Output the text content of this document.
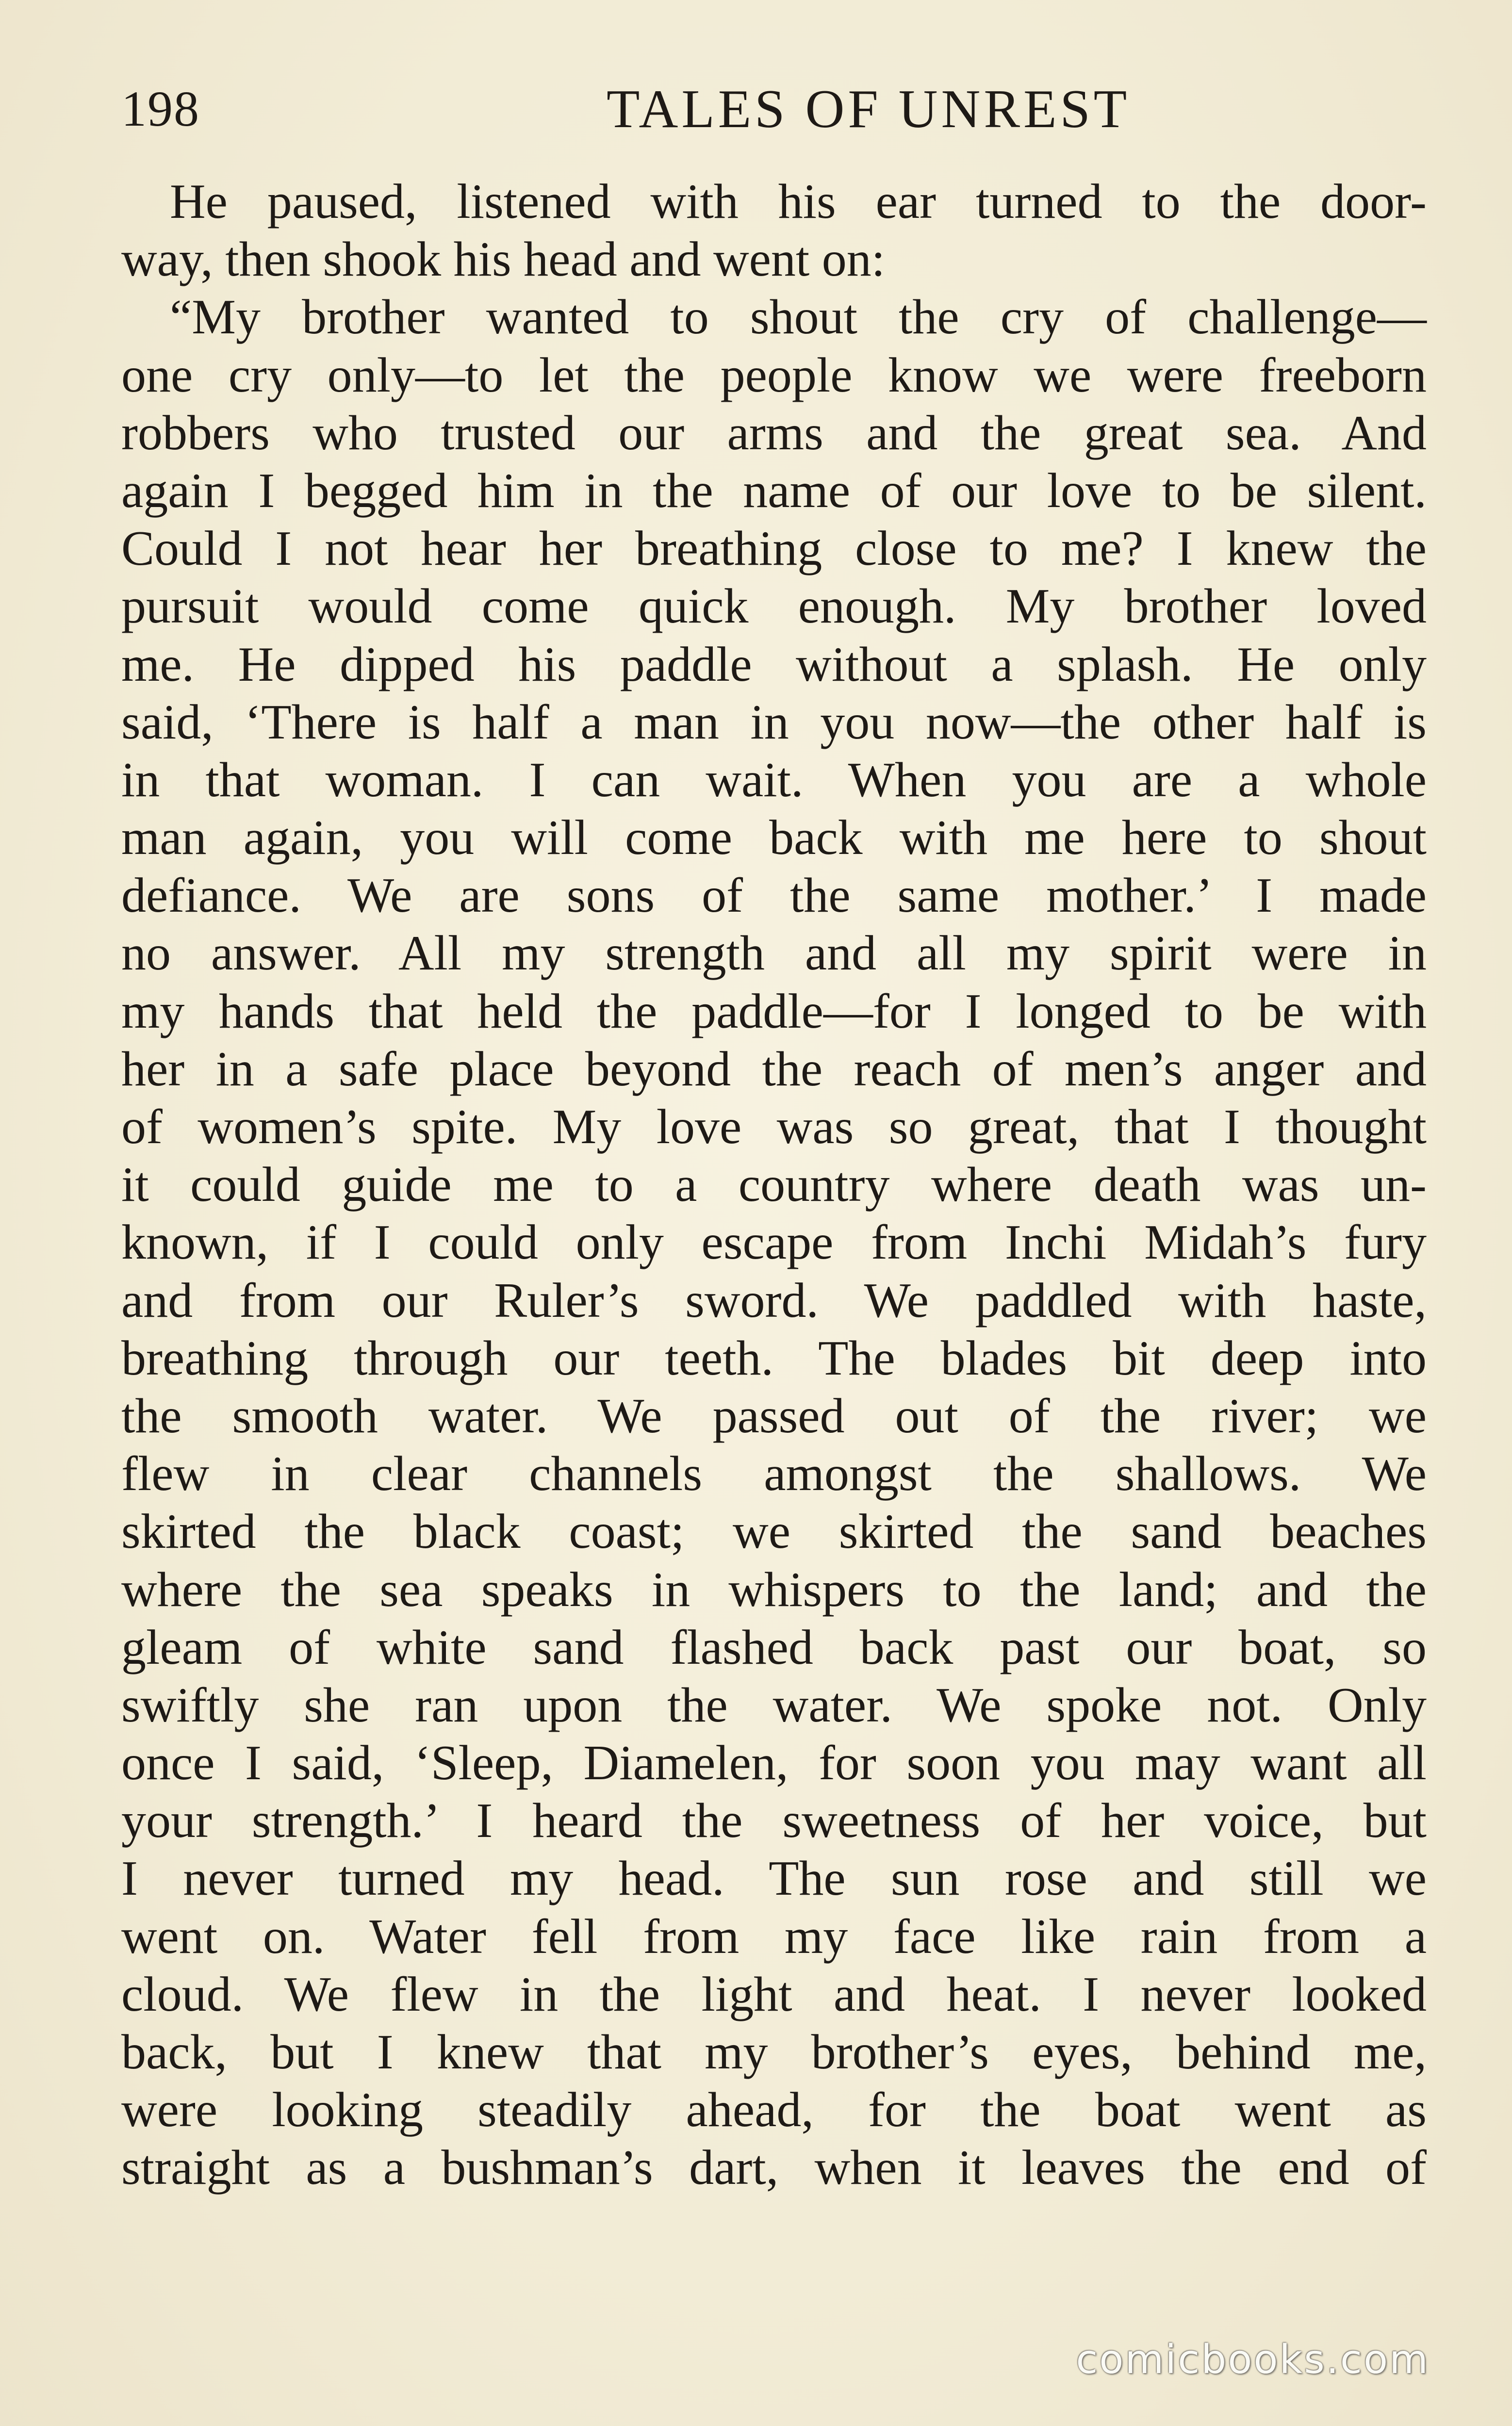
198	TALES OF UNREST
He paused, listened with his ear turned to the door-
way, then shook his head and went on:
“My brother wanted to shout the cry of challenge—
one cry only—to let the people know we were freeborn
robbers who trusted our arms and the great sea. And
again I begged him in the name of our love to be silent.
Could I not hear her breathing close to me? I knew the
pursuit would come quick enough. My brother loved
me. He dipped his paddle without a splash. He only
said, ‘There is half a man in you now—the other half is
in that woman. I can wait. When you are a whole
man again, you will come back with me here to shout
defiance. We are sons of the same mother.’ I made
no answer. All my strength and all my spirit were in
my hands that held the paddle—for I longed to be with
her in a safe place beyond the reach of men’s anger and
of women’s spite. My love was so great, that I thought
it could guide me to a country where death was un-
known, if I could only escape from Inchi Midah’s fury
and from our Ruler’s sword. We paddled with haste,
breathing through our teeth. The blades bit deep into
the smooth water. We passed out of the river; we
flew in clear channels amongst the shallows. We
skirted the black coast; we skirted the sand beaches
where the sea speaks in whispers to the land; and the
gleam of white sand flashed back past our boat, so
swiftly she ran upon the water. We spoke not. Only
once I said, ‘Sleep, Diamelen, for soon you may want all
your strength.’ I heard the sweetness of her voice, but
I never turned my head. The sun rose and still we
went on. Water fell from my face like rain from a
cloud. We flew in the light and heat. I never looked
back, but I knew that my brother’s eyes, behind me,
were looking steadily ahead, for the boat went as
straight as a bushman’s dart, when it leaves the end of
comicbooks.com
